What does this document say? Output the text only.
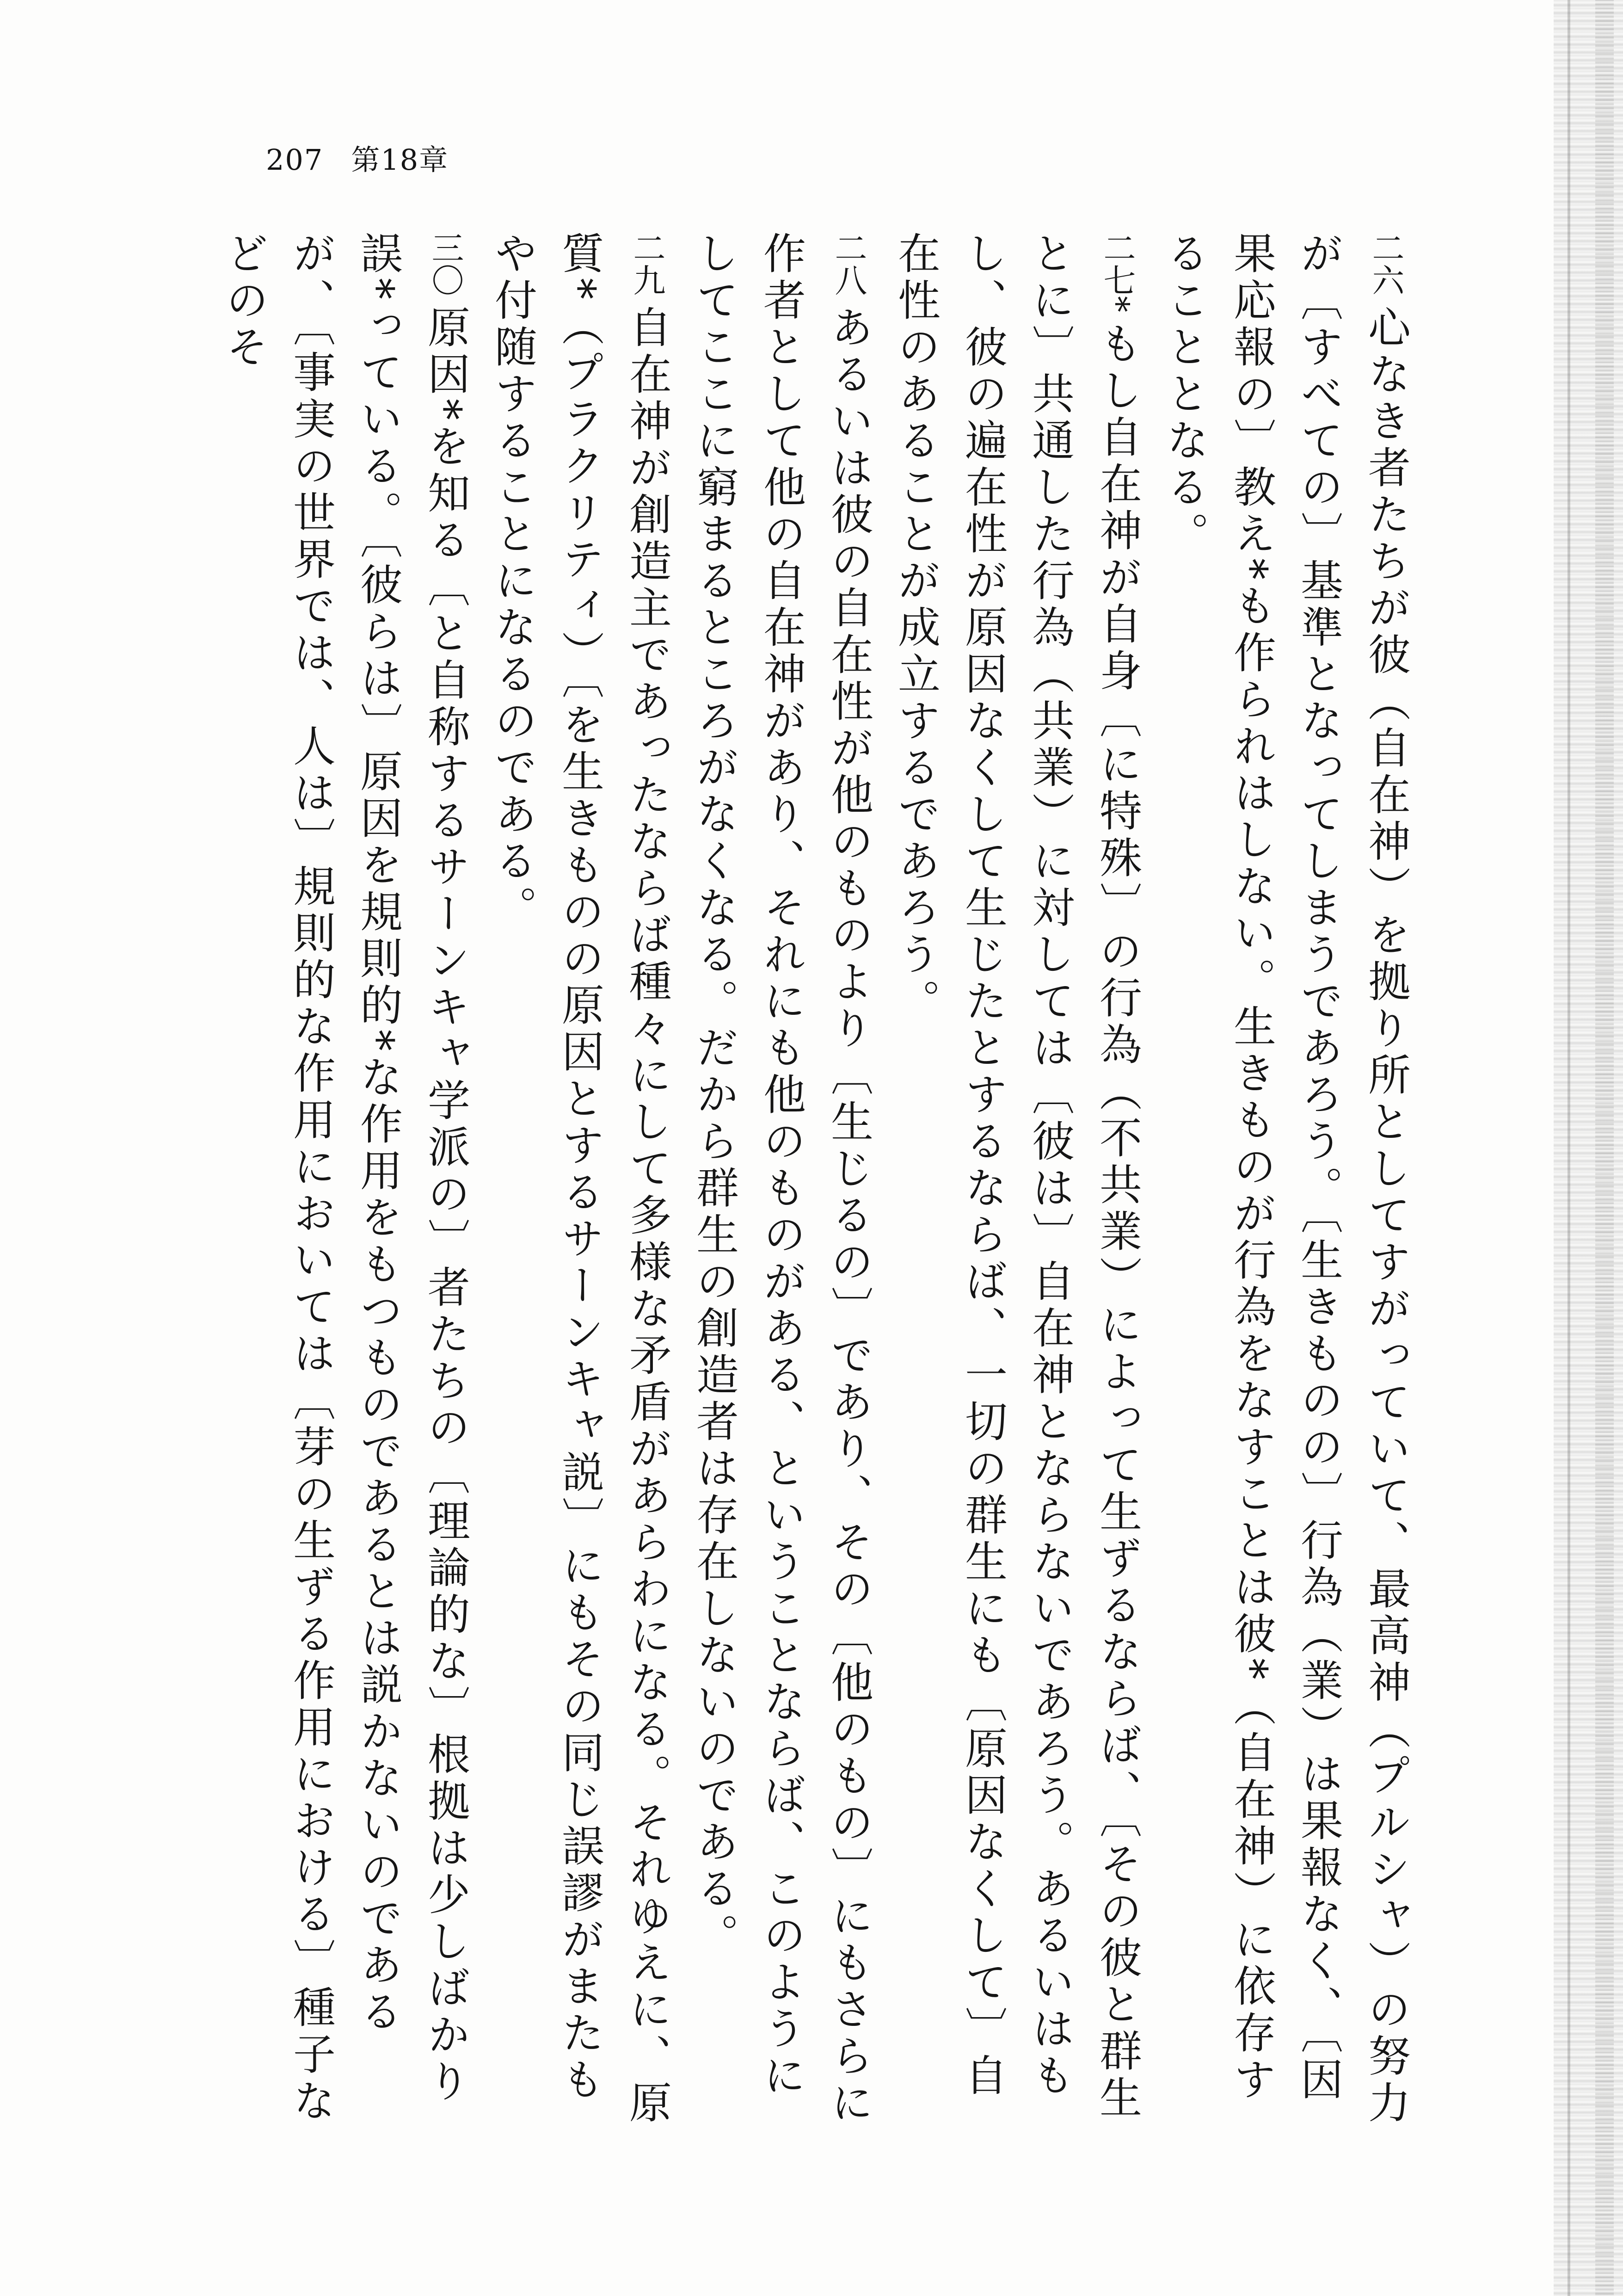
207 第18章

二六心なき者たちが彼（自在神）を拠り所としてすがっていて、最高神（プルシャ）の努力が〔すべての〕基準となってしまうであろう。〔生きものの〕行為（業）は果報なく、〔因果応報の〕教え*も作られはしない。生きものが行為をなすことは彼*（自在神）に依存することとなる。

二七*もし自在神が自身〔に特殊〕の行為（不共業）によって生ずるならば、〔その彼と群生とに〕共通した行為（共業）に対しては〔彼は〕自在神とならないであろう。あるいはもし、彼の遍在性が原因なくして生じたとするならば、一切の群生にも〔原因なくして〕自在性のあることが成立するであろう。

二八あるいは彼の自在性が他のものより〔生じるの〕であり、その〔他のもの〕にもさらに作者として他の自在神があり、それにも他のものがある、ということならば、このようにしてここに窮まるところがなくなる。だから群生の創造者は存在しないのである。

二九自在神が創造主であったならば種々にして多様な矛盾があらわになる。それゆえに、原質*（プラクリティ）〔を生きものの原因とするサーンキャ説〕にもその同じ誤謬がまたもや付随することになるのである。

三〇原因*を知る〔と自称するサーンキャ学派の〕者たちの〔理論的な〕根拠は少しばかり誤*っている。〔彼らは〕原因を規則的*な作用をもつものであるとは説かないのであるが、〔事実の世界では、人は〕規則的な作用においては〔芽の生ずる作用における〕種子などのそ
